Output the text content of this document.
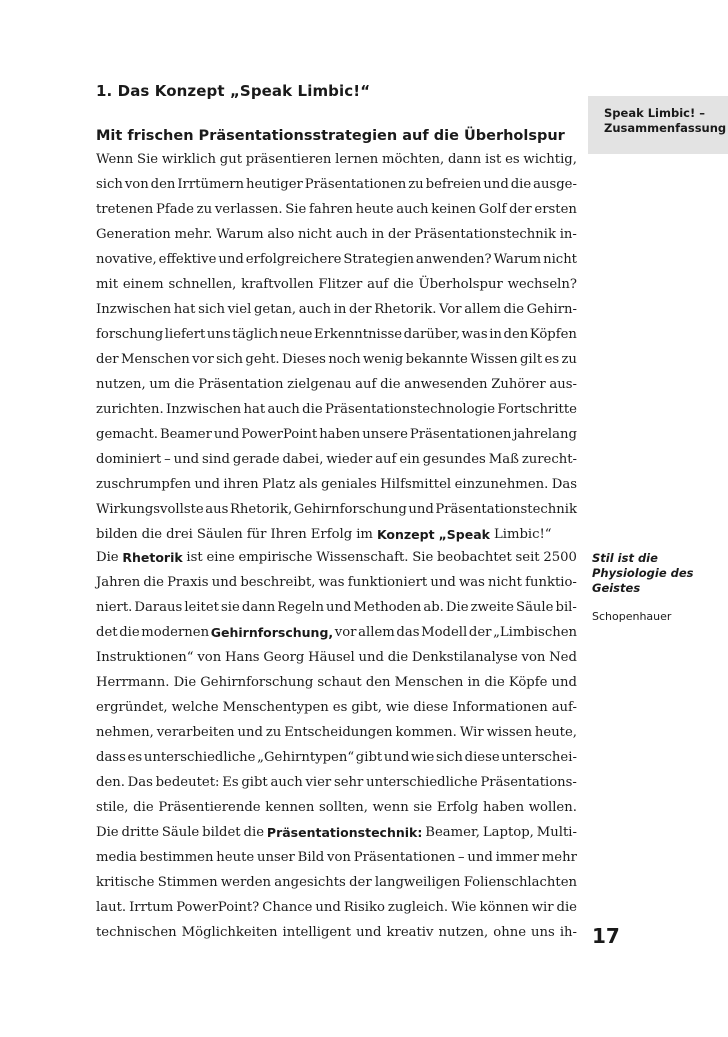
1. Das Konzept „Speak Limbic!“
Speak Limbic! –
Zusammenfassung
Mit frischen Präsentationsstrategien auf die Überholspur
Wenn Sie wirklich gut präsentieren lernen möchten, dann ist es wichtig,
sich von den Irrtümern heutiger Präsentationen zu befreien und die ausge-
tretenen Pfade zu verlassen. Sie fahren heute auch keinen Golf der ersten
Generation mehr. Warum also nicht auch in der Präsentationstechnik in-
novative, effektive und erfolgreichere Strategien anwenden? Warum nicht
mit einem schnellen, kraftvollen Flitzer auf die Überholspur wechseln?
Inzwischen hat sich viel getan, auch in der Rhetorik. Vor allem die Gehirn-
forschung liefert uns täglich neue Erkenntnisse darüber, was in den Köpfen
der Menschen vor sich geht. Dieses noch wenig bekannte Wissen gilt es zu
nutzen, um die Präsentation zielgenau auf die anwesenden Zuhörer aus-
zurichten. Inzwischen hat auch die Präsentationstechnologie Fortschritte
gemacht. Beamer und PowerPoint haben unsere Präsentationen jahrelang
dominiert – und sind gerade dabei, wieder auf ein gesundes Maß zurecht-
zuschrumpfen und ihren Platz als geniales Hilfsmittel einzunehmen. Das
Wirkungsvollste aus Rhetorik, Gehirnforschung und Präsentationstechnik
bilden die drei Säulen für Ihren Erfolg im Konzept „Speak Limbic!“
Die Rhetorik ist eine empirische Wissenschaft. Sie beobachtet seit 2500
Jahren die Praxis und beschreibt, was funktioniert und was nicht funktio-
niert. Daraus leitet sie dann Regeln und Methoden ab. Die zweite Säule bil-
det die modernen Gehirnforschung, vor allem das Modell der „Limbischen
Instruktionen“ von Hans Georg Häusel und die Denkstilanalyse von Ned
Herrmann. Die Gehirnforschung schaut den Menschen in die Köpfe und
ergründet, welche Menschentypen es gibt, wie diese Informationen auf-
nehmen, verarbeiten und zu Entscheidungen kommen. Wir wissen heute,
dass es unterschiedliche „Gehirntypen“ gibt und wie sich diese unterschei-
den. Das bedeutet: Es gibt auch vier sehr unterschiedliche Präsentations-
stile, die Präsentierende kennen sollten, wenn sie Erfolg haben wollen.
Die dritte Säule bildet die Präsentationstechnik: Beamer, Laptop, Multi-
media bestimmen heute unser Bild von Präsentationen – und immer mehr
kritische Stimmen werden angesichts der langweiligen Folienschlachten
laut. Irrtum PowerPoint? Chance und Risiko zugleich. Wie können wir die
technischen Möglichkeiten intelligent und kreativ nutzen, ohne uns ih-
Stil ist die
Physiologie des
Geistes
Schopenhauer
17
